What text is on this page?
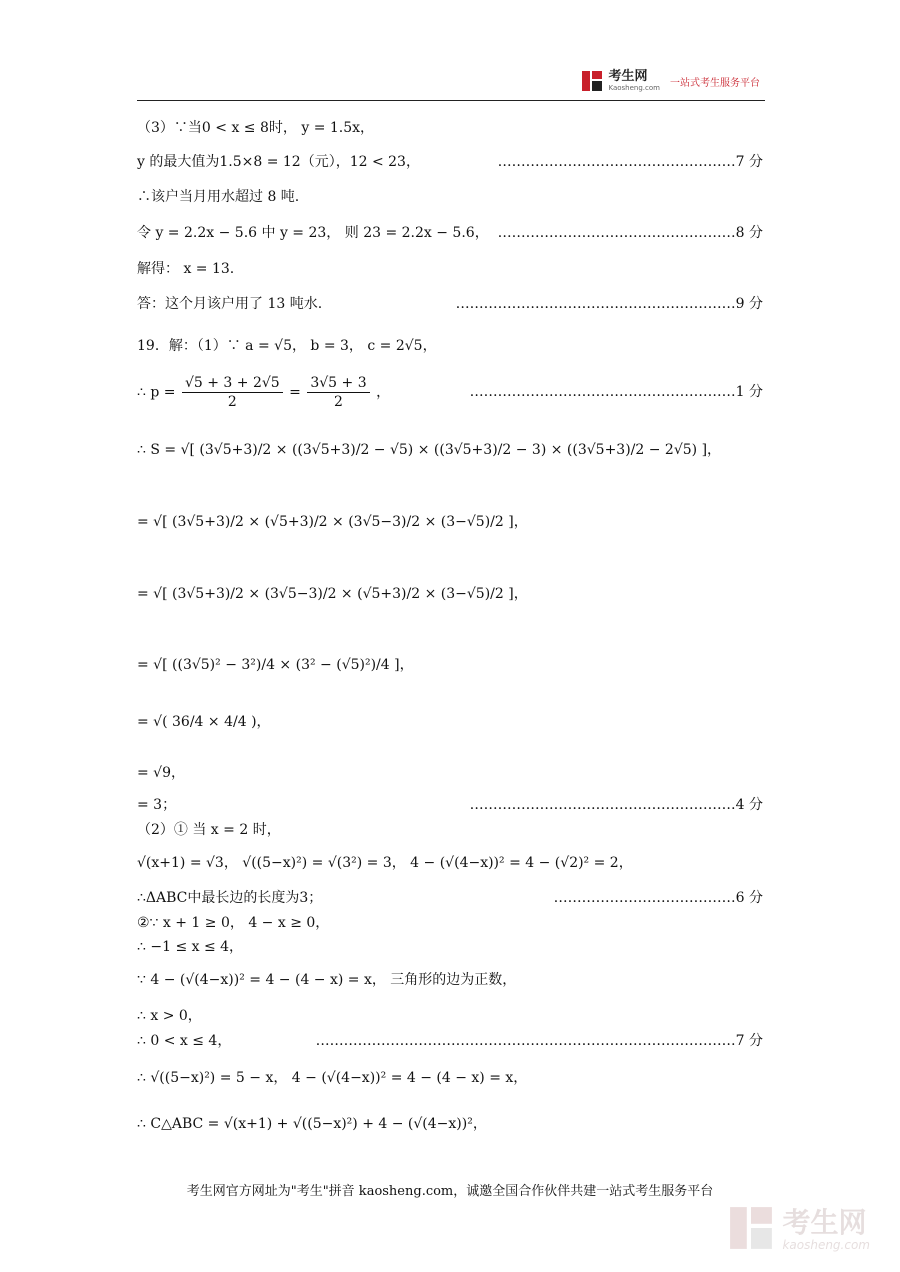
考生网
Kaosheng.com 一站式考生服务平台
（3）∵当0 < x ≤ 8时， y = 1.5x，
y 的最大值为1.5×8 = 12（元），12 < 23，	……………………………………………7 分
∴该户当月用水超过 8 吨.
令 y = 2.2x − 5.6 中 y = 23， 则 23 = 2.2x − 5.6， ……………………………………………8 分
解得： x = 13.
答：这个月该户用了 13 吨水.	……………………………………………………9 分
19．解：（1）∵ a = √5， b = 3， c = 2√5，
∴ $p = \frac{√5 + 3 + 2√5}{2} = \frac{3√5 + 3}{2}$ ，	…………………………………………………1 分
∴ S = √[ (3√5+3)/2 × ((3√5+3)/2 − √5) × ((3√5+3)/2 − 3) × ((3√5+3)/2 − 2√5) ]，
= √[ (3√5+3)/2 × (√5+3)/2 × (3√5−3)/2 × (3−√5)/2 ]，
= √[ (3√5+3)/2 × (3√5−3)/2 × (√5+3)/2 × (3−√5)/2 ]，
= √[ ((3√5)² − 3²)/4 × (3² − (√5)²)/4 ]，
= √( 36/4 × 4/4 )，
= √9，
= 3；	…………………………………………………4 分
（2）① 当 x = 2 时，
√(x+1) = √3， √((5−x)²) = √(3²) = 3， 4 − (√(4−x))² = 4 − (√2)² = 2，
∴ΔABC中最长边的长度为3；	…………………………………6 分
②∵ x + 1 ≥ 0， 4 − x ≥ 0，
∴ −1 ≤ x ≤ 4，
∵ 4 − (√(4−x))² = 4 − (4 − x) = x， 三角形的边为正数，
∴ x > 0，
∴ 0 < x ≤ 4，	………………………………………………………………………………7 分
∴ √((5−x)²) = 5 − x， 4 − (√(4−x))² = 4 − (4 − x) = x，
∴ C△ABC = √(x+1) + √((5−x)²) + 4 − (√(4−x))²，
考生网官方网址为"考生"拼音 kaosheng.com，诚邀全国合作伙伴共建一站式考生服务平台
考生网
kaosheng.com
